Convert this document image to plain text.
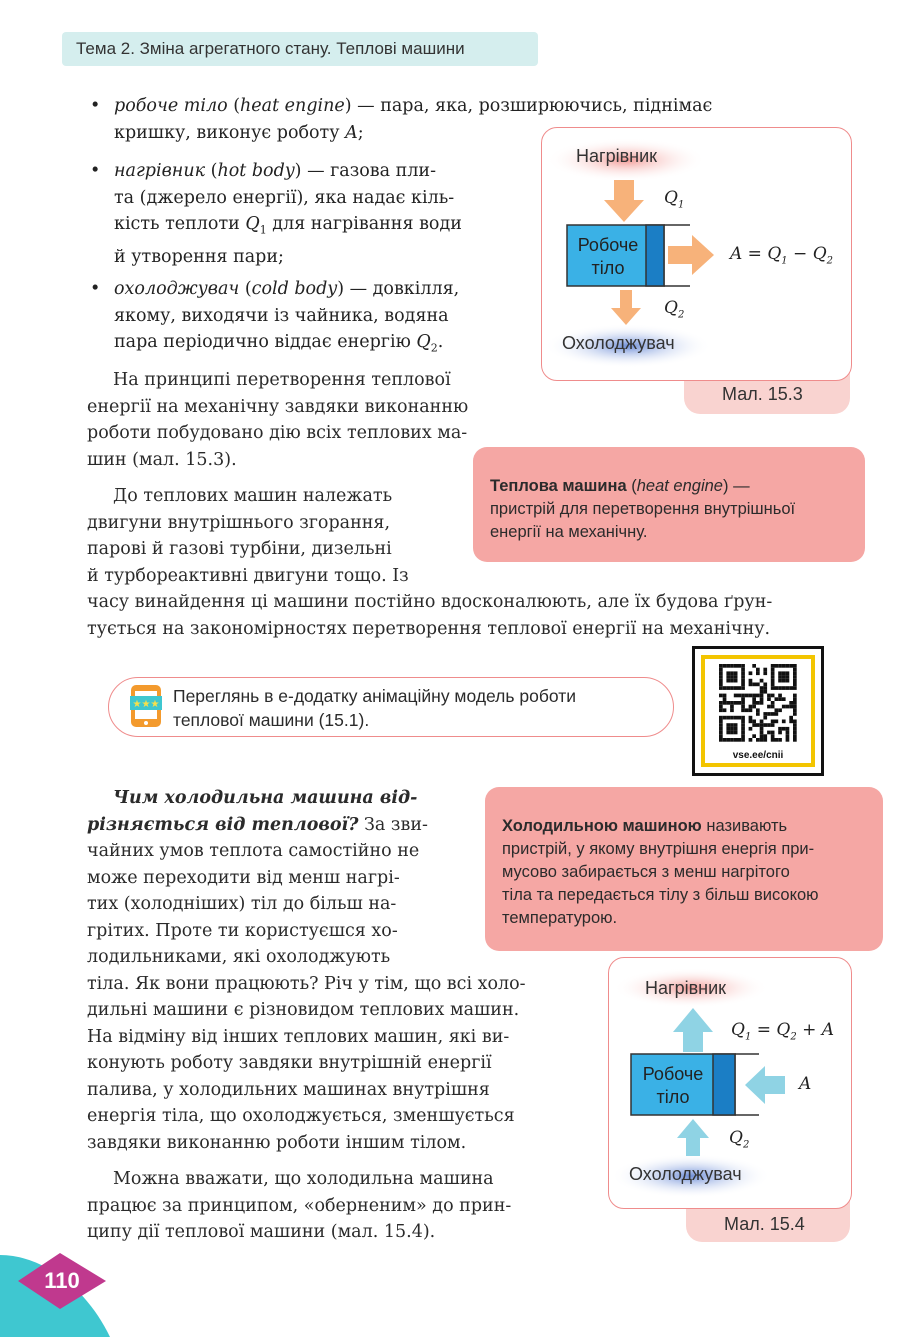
Тема 2. Зміна агрегатного стану. Теплові машини
• робоче тіло (heat engine) — пара, яка, розширюючись, піднімає
кришку, виконує роботу A;
• нагрівник (hot body) — газова пли-
та (джерело енергії), яка надає кіль-
кість теплоти $Q_1$ для нагрівання води
й утворення пари;
• охолоджувач (cold body) — довкілля,
якому, виходячи із чайника, водяна
пара періодично віддає енергію $Q_2$.
На принципі перетворення теплової
енергії на механічну завдяки виконанню
роботи побудовано дію всіх теплових ма-
шин (мал. 15.3).
Нагрівник
Робоче
тіло
Охолоджувач
$Q_1$
$Q_2$
$A = Q_1 - Q_2$
Мал. 15.3
Теплова машина (heat engine) —
пристрій для перетворення внутрішньої
енергії на механічну.
До теплових машин належать
двигуни внутрішнього згорання,
парові й газові турбіни, дизельні
й турбореактивні двигуни тощо. Із
часу винайдення ці машини постійно вдосконалюють, але їх будова ґрун-
тується на закономірностях перетворення теплової енергії на механічну.
★★★ Переглянь в е-додатку анімаційну модель роботи
теплової машини (15.1).
vse.ee/cnii
Чим холодильна машина від-
різняється від теплової? За зви-
чайних умов теплота самостійно не
може переходити від менш нагрі-
тих (холодніших) тіл до більш на-
грітих. Проте ти користуєшся хо-
лодильниками, які охолоджують
тіла. Як вони працюють? Річ у тім, що всі холо-
дильні машини є різновидом теплових машин.
На відміну від інших теплових машин, які ви-
конують роботу завдяки внутрішній енергії
палива, у холодильних машинах внутрішня
енергія тіла, що охолоджується, зменшується
завдяки виконанню роботи іншим тілом.
Можна вважати, що холодильна машина
працює за принципом, «оберненим» до прин-
ципу дії теплової машини (мал. 15.4).
Холодильною машиною називають
пристрій, у якому внутрішня енергія при-
мусово забирається з менш нагрітого
тіла та передається тілу з більш високою
температурою.
Нагрівник
Робоче
тіло
Охолоджувач
$Q_1 = Q_2 + A$
$Q_2$
A
Мал. 15.4
110
